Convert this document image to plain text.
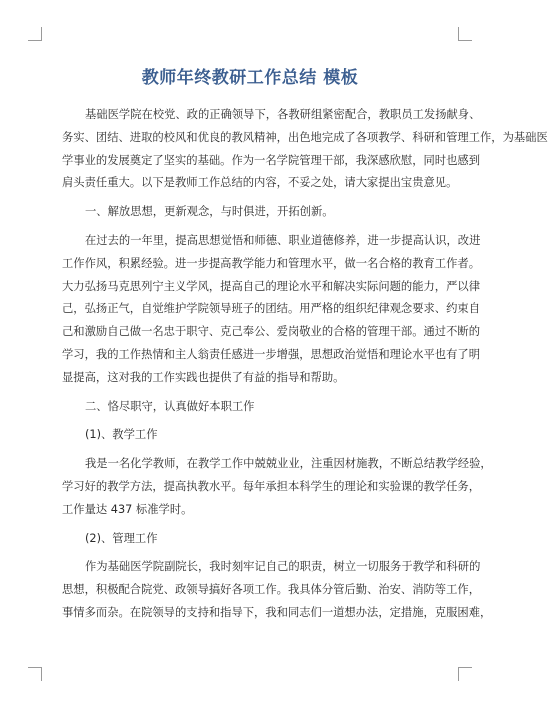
教师年终教研工作总结 模板

基础医学院在校党、政的正确领导下，各教研组紧密配合，教职员工发扬献身、
务实、团结、进取的校风和优良的教风精神，出色地完成了各项教学、科研和管理工作，为基础医
学事业的发展奠定了坚实的基础。作为一名学院管理干部，我深感欣慰，同时也感到
肩头责任重大。以下是教师工作总结的内容，不妥之处，请大家提出宝贵意见。

一、解放思想，更新观念，与时俱进，开拓创新。

在过去的一年里，提高思想觉悟和师德、职业道德修养，进一步提高认识，改进
工作作风，积累经验。进一步提高教学能力和管理水平，做一名合格的教育工作者。
大力弘扬马克思列宁主义学风，提高自己的理论水平和解决实际问题的能力，严以律
己，弘扬正气，自觉维护学院领导班子的团结。用严格的组织纪律观念要求、约束自
己和激励自己做一名忠于职守、克己奉公、爱岗敬业的合格的管理干部。通过不断的
学习，我的工作热情和主人翁责任感进一步增强，思想政治觉悟和理论水平也有了明
显提高，这对我的工作实践也提供了有益的指导和帮助。

二、恪尽职守，认真做好本职工作

(1)、教学工作

我是一名化学教师，在教学工作中兢兢业业，注重因材施教，不断总结教学经验，
学习好的教学方法，提高执教水平。每年承担本科学生的理论和实验课的教学任务，
工作量达 437 标准学时。

(2)、管理工作

作为基础医学院副院长，我时刻牢记自己的职责，树立一切服务于教学和科研的
思想，积极配合院党、政领导搞好各项工作。我具体分管后勤、治安、消防等工作，
事情多而杂。在院领导的支持和指导下，我和同志们一道想办法，定措施，克服困难，
